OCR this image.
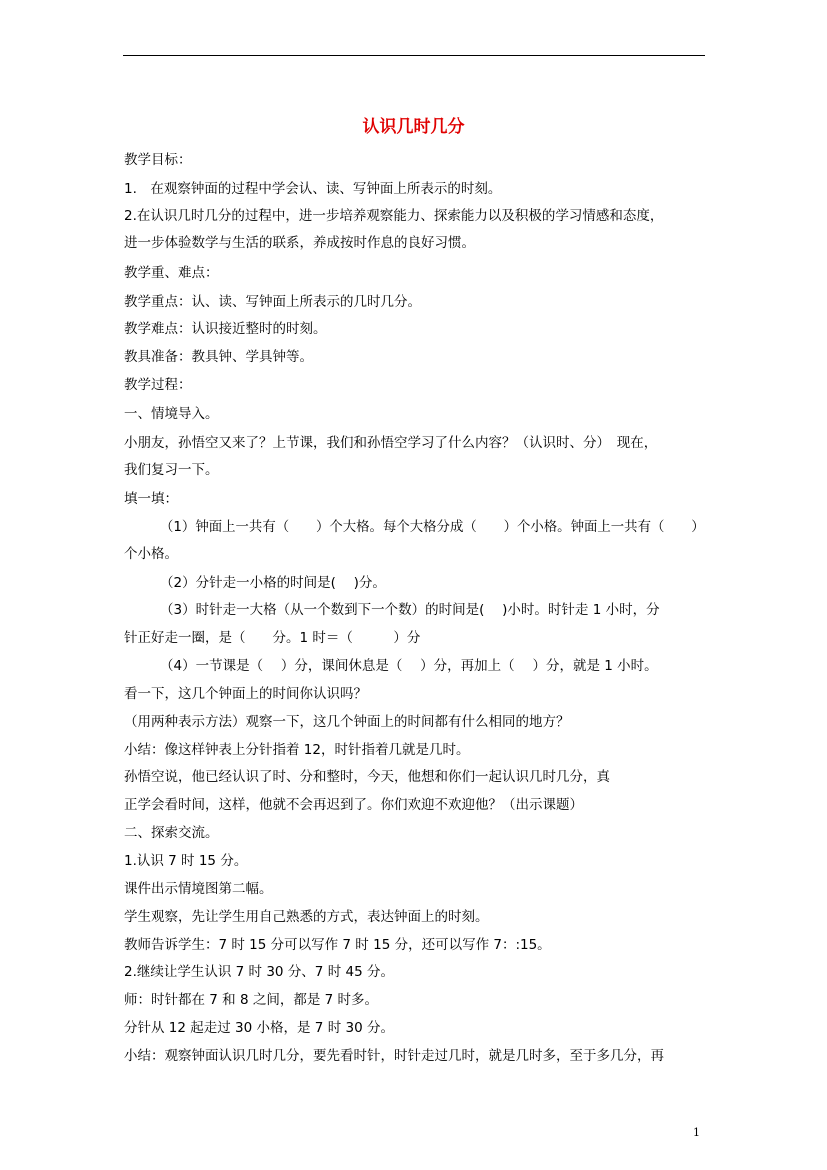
认识几时几分
教学目标：
1.　在观察钟面的过程中学会认、读、写钟面上所表示的时刻。
2.在认识几时几分的过程中，进一步培养观察能力、探索能力以及积极的学习情感和态度，
进一步体验数学与生活的联系，养成按时作息的良好习惯。
教学重、难点：
教学重点：认、读、写钟面上所表示的几时几分。
教学难点：认识接近整时的时刻。
教具准备：教具钟、学具钟等。
教学过程：
一、情境导入。
小朋友，孙悟空又来了？上节课，我们和孙悟空学习了什么内容？（认识时、分）　现在，
我们复习一下。
填一填：
（1）钟面上一共有（　　）个大格。每个大格分成（　　）个小格。钟面上一共有（　　）
个小格。
（2）分针走一小格的时间是(　 )分。
（3）时针走一大格（从一个数到下一个数）的时间是(　 )小时。时针走 1 小时，分
针正好走一圈，是（　　分。1 时＝（　　　）分
（4）一节课是（　 ）分，课间休息是（　 ）分，再加上（　 ）分，就是 1 小时。
看一下，这几个钟面上的时间你认识吗？
（用两种表示方法）观察一下，这几个钟面上的时间都有什么相同的地方？
小结：像这样钟表上分针指着 12，时针指着几就是几时。
孙悟空说，他已经认识了时、分和整时，今天，他想和你们一起认识几时几分，真
正学会看时间，这样，他就不会再迟到了。你们欢迎不欢迎他？（出示课题）
二、探索交流。
1.认识 7 时 15 分。
课件出示情境图第二幅。
学生观察，先让学生用自己熟悉的方式，表达钟面上的时刻。
教师告诉学生：7 时 15 分可以写作 7 时 15 分，还可以写作 7：:15。
2.继续让学生认识 7 时 30 分、7 时 45 分。
师：时针都在 7 和 8 之间，都是 7 时多。
分针从 12 起走过 30 小格，是 7 时 30 分。
小结：观察钟面认识几时几分，要先看时针，时针走过几时，就是几时多，至于多几分，再
1
